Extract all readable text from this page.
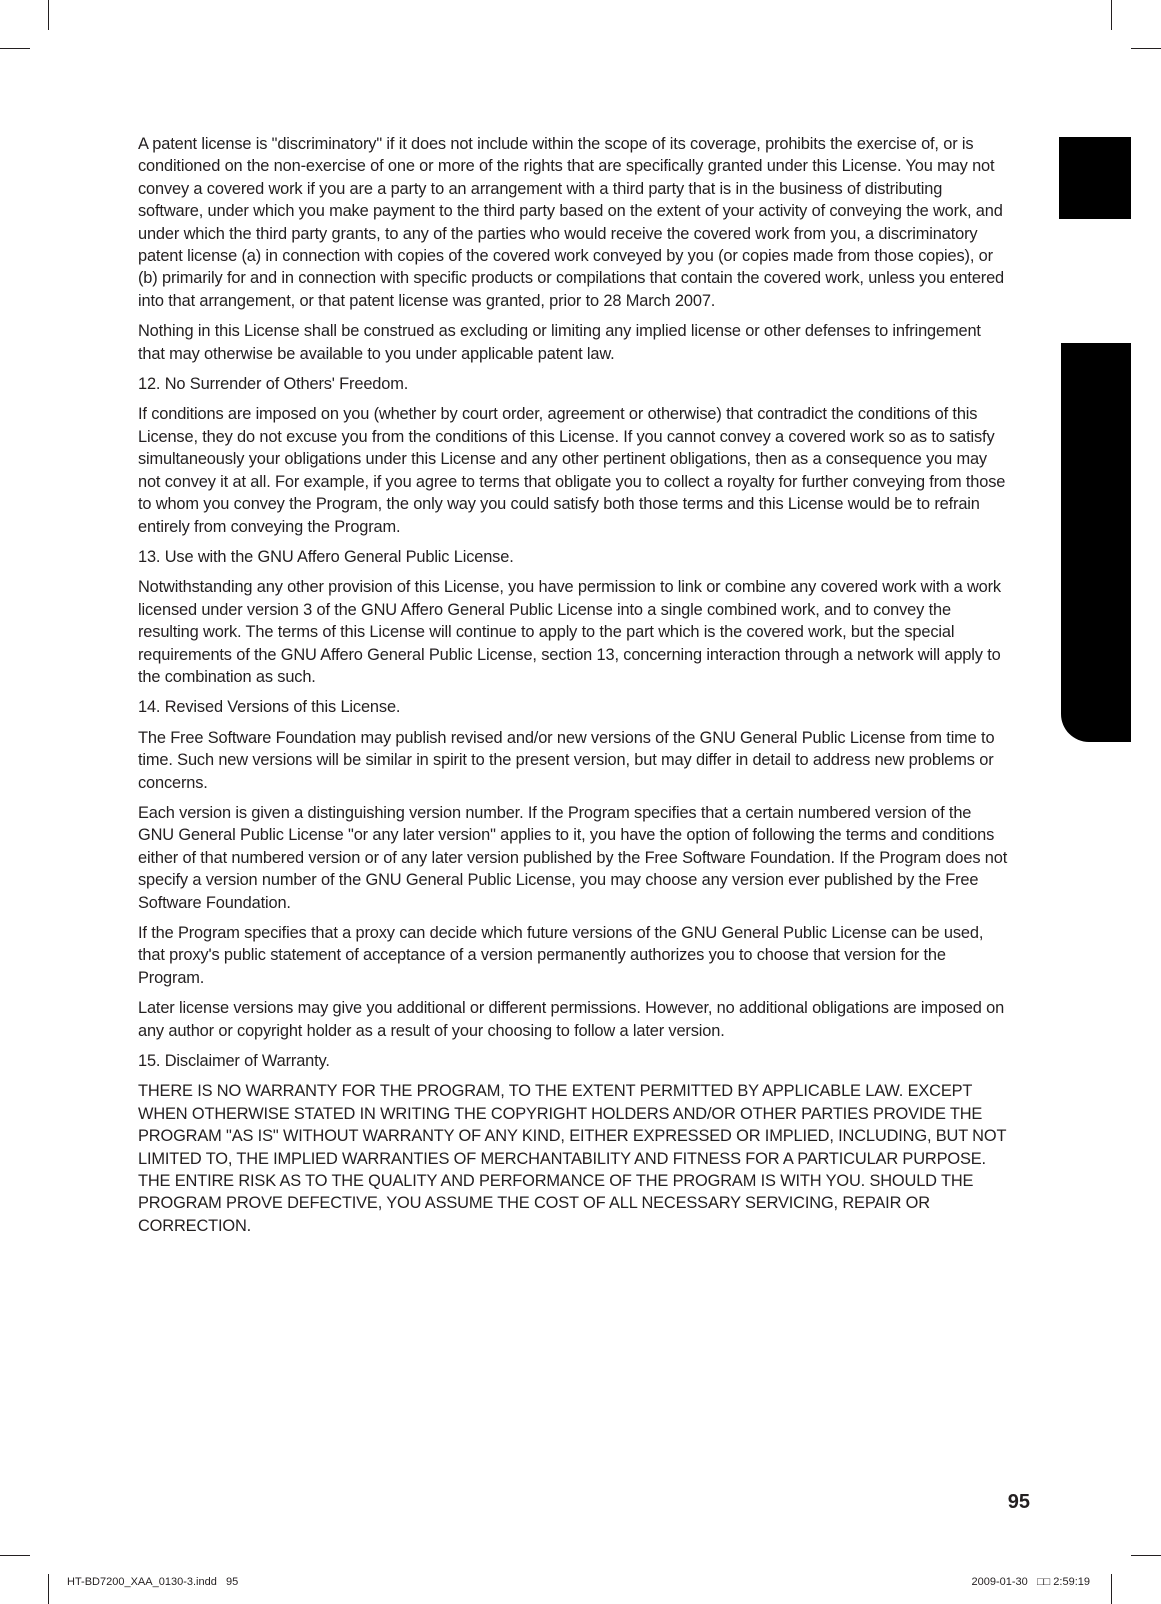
A patent license is "discriminatory" if it does not include within the scope of its coverage, prohibits the exercise of, or is conditioned on the non-exercise of one or more of the rights that are specifically granted under this License. You may not convey a covered work if you are a party to an arrangement with a third party that is in the business of distributing software, under which you make payment to the third party based on the extent of your activity of conveying the work, and under which the third party grants, to any of the parties who would receive the covered work from you, a discriminatory patent license (a) in connection with copies of the covered work conveyed by you (or copies made from those copies), or (b) primarily for and in connection with specific products or compilations that contain the covered work, unless you entered into that arrangement, or that patent license was granted, prior to 28 March 2007.

Nothing in this License shall be construed as excluding or limiting any implied license or other defenses to infringement that may otherwise be available to you under applicable patent law.

12. No Surrender of Others' Freedom.

If conditions are imposed on you (whether by court order, agreement or otherwise) that contradict the conditions of this License, they do not excuse you from the conditions of this License. If you cannot convey a covered work so as to satisfy simultaneously your obligations under this License and any other pertinent obligations, then as a consequence you may not convey it at all. For example, if you agree to terms that obligate you to collect a royalty for further conveying from those to whom you convey the Program, the only way you could satisfy both those terms and this License would be to refrain entirely from conveying the Program.

13. Use with the GNU Affero General Public License.

Notwithstanding any other provision of this License, you have permission to link or combine any covered work with a work licensed under version 3 of the GNU Affero General Public License into a single combined work, and to convey the resulting work. The terms of this License will continue to apply to the part which is the covered work, but the special requirements of the GNU Affero General Public License, section 13, concerning interaction through a network will apply to the combination as such.

14. Revised Versions of this License.

The Free Software Foundation may publish revised and/or new versions of the GNU General Public License from time to time. Such new versions will be similar in spirit to the present version, but may differ in detail to address new problems or concerns.

Each version is given a distinguishing version number. If the Program specifies that a certain numbered version of the GNU General Public License "or any later version" applies to it, you have the option of following the terms and conditions either of that numbered version or of any later version published by the Free Software Foundation. If the Program does not specify a version number of the GNU General Public License, you may choose any version ever published by the Free Software Foundation.

If the Program specifies that a proxy can decide which future versions of the GNU General Public License can be used, that proxy's public statement of acceptance of a version permanently authorizes you to choose that version for the Program.

Later license versions may give you additional or different permissions. However, no additional obligations are imposed on any author or copyright holder as a result of your choosing to follow a later version.

15. Disclaimer of Warranty.

THERE IS NO WARRANTY FOR THE PROGRAM, TO THE EXTENT PERMITTED BY APPLICABLE LAW. EXCEPT WHEN OTHERWISE STATED IN WRITING THE COPYRIGHT HOLDERS AND/OR OTHER PARTIES PROVIDE THE PROGRAM "AS IS" WITHOUT WARRANTY OF ANY KIND, EITHER EXPRESSED OR IMPLIED, INCLUDING, BUT NOT LIMITED TO, THE IMPLIED WARRANTIES OF MERCHANTABILITY AND FITNESS FOR A PARTICULAR PURPOSE. THE ENTIRE RISK AS TO THE QUALITY AND PERFORMANCE OF THE PROGRAM IS WITH YOU. SHOULD THE PROGRAM PROVE DEFECTIVE, YOU ASSUME THE COST OF ALL NECESSARY SERVICING, REPAIR OR CORRECTION.

95
HT-BD7200_XAA_0130-3.indd   95	2009-01-30   □□ 2:59:19
